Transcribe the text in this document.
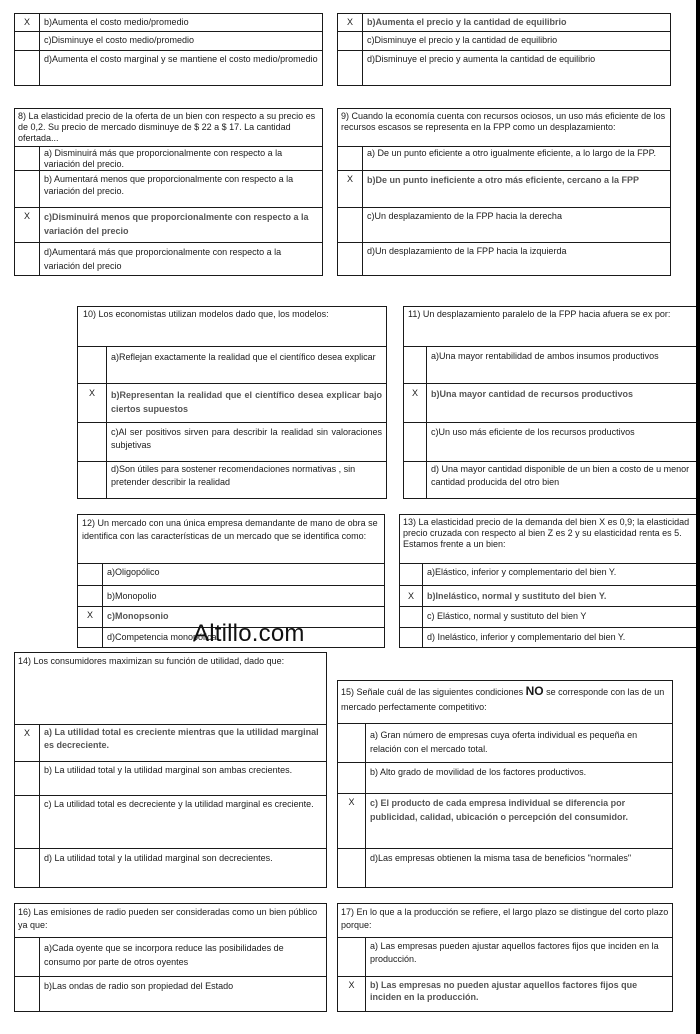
X	b)Aumenta el costo medio/promedio
c)Disminuye el costo medio/promedio
d)Aumenta el costo marginal y se mantiene el costo medio/promedio
X	b)Aumenta el precio y la cantidad de equilibrio
c)Disminuye el precio y la cantidad de equilibrio
d)Disminuye el precio y aumenta la cantidad de equilibrio
8) La elasticidad precio de la oferta de un bien con respecto a su precio es de 0,2. Su precio de mercado disminuye de $ 22 a $ 17. La cantidad ofertada...
a) Disminuirá más que proporcionalmente con respecto a la variación del precio.
b) Aumentará menos que proporcionalmente con respecto a la variación del precio.
X	c)Disminuirá menos que proporcionalmente con respecto a la variación del precio
d)Aumentará más que proporcionalmente con respecto a la variación del precio
9) Cuando la economía cuenta con recursos ociosos, un uso más eficiente de los recursos escasos se representa en la FPP como un desplazamiento:
a) De un punto eficiente a otro igualmente eficiente, a lo largo de la FPP.
X	b)De un punto ineficiente a otro más eficiente, cercano a la FPP
c)Un desplazamiento de la FPP hacia la derecha
d)Un desplazamiento de la FPP hacia la izquierda
10) Los economistas utilizan modelos dado que, los modelos:
a)Reflejan exactamente la realidad que el científico desea explicar
X	b)Representan la realidad que el científico desea explicar bajo ciertos supuestos
c)Al ser positivos sirven para describir la realidad sin valoraciones subjetivas
d)Son útiles para sostener recomendaciones normativas , sin pretender describir la realidad
11) Un desplazamiento paralelo de la FPP hacia afuera se ex por:
a)Una mayor rentabilidad de ambos insumos productivos
X	b)Una mayor cantidad de recursos productivos
c)Un uso más eficiente de los recursos productivos
d) Una mayor cantidad disponible de un bien a costo de u menor cantidad producida del otro bien
12) Un mercado con una única empresa demandante de mano de obra se identifica con las características de un mercado que se identifica como:
a)Oligopólico
b)Monopolio
X	c)Monopsonio
d)Competencia monopólica
13) La elasticidad precio de la demanda del bien X es 0,9; la elasticidad precio cruzada con respecto al bien Z es 2 y su elasticidad renta es 5. Estamos frente a un bien:
a)Elástico, inferior y complementario del bien Y.
X	b)Inelástico, normal y sustituto del bien Y.
c) Elástico, normal y sustituto del bien Y
d) Inelástico, inferior y complementario del bien Y.
Altillo.com
14) Los consumidores maximizan su función de utilidad, dado que:
X	a) La utilidad total es creciente mientras que la utilidad marginal es decreciente.
b) La utilidad total y la utilidad marginal son ambas crecientes.
c) La utilidad total es decreciente y la utilidad marginal es creciente.
d) La utilidad total y la utilidad marginal son decrecientes.
15) Señale cuál de las siguientes condiciones NO se corresponde con las de un mercado perfectamente competitivo:
a) Gran número de empresas cuya oferta individual es pequeña en relación con el mercado total.
b) Alto grado de movilidad de los factores productivos.
X	c) El producto de cada empresa individual se diferencia por publicidad, calidad, ubicación o percepción del consumidor.
d)Las empresas obtienen la misma tasa de beneficios "normales"
16) Las emisiones de radio pueden ser consideradas como un bien público ya que:
a)Cada oyente que se incorpora reduce las posibilidades de consumo por parte de otros oyentes
b)Las ondas de radio son propiedad del Estado
17) En lo que a la producción se refiere, el largo plazo se distingue del corto plazo porque:
a) Las empresas pueden ajustar aquellos factores fijos que inciden en la producción.
X	b) Las empresas no pueden ajustar aquellos factores fijos que inciden en la producción.
